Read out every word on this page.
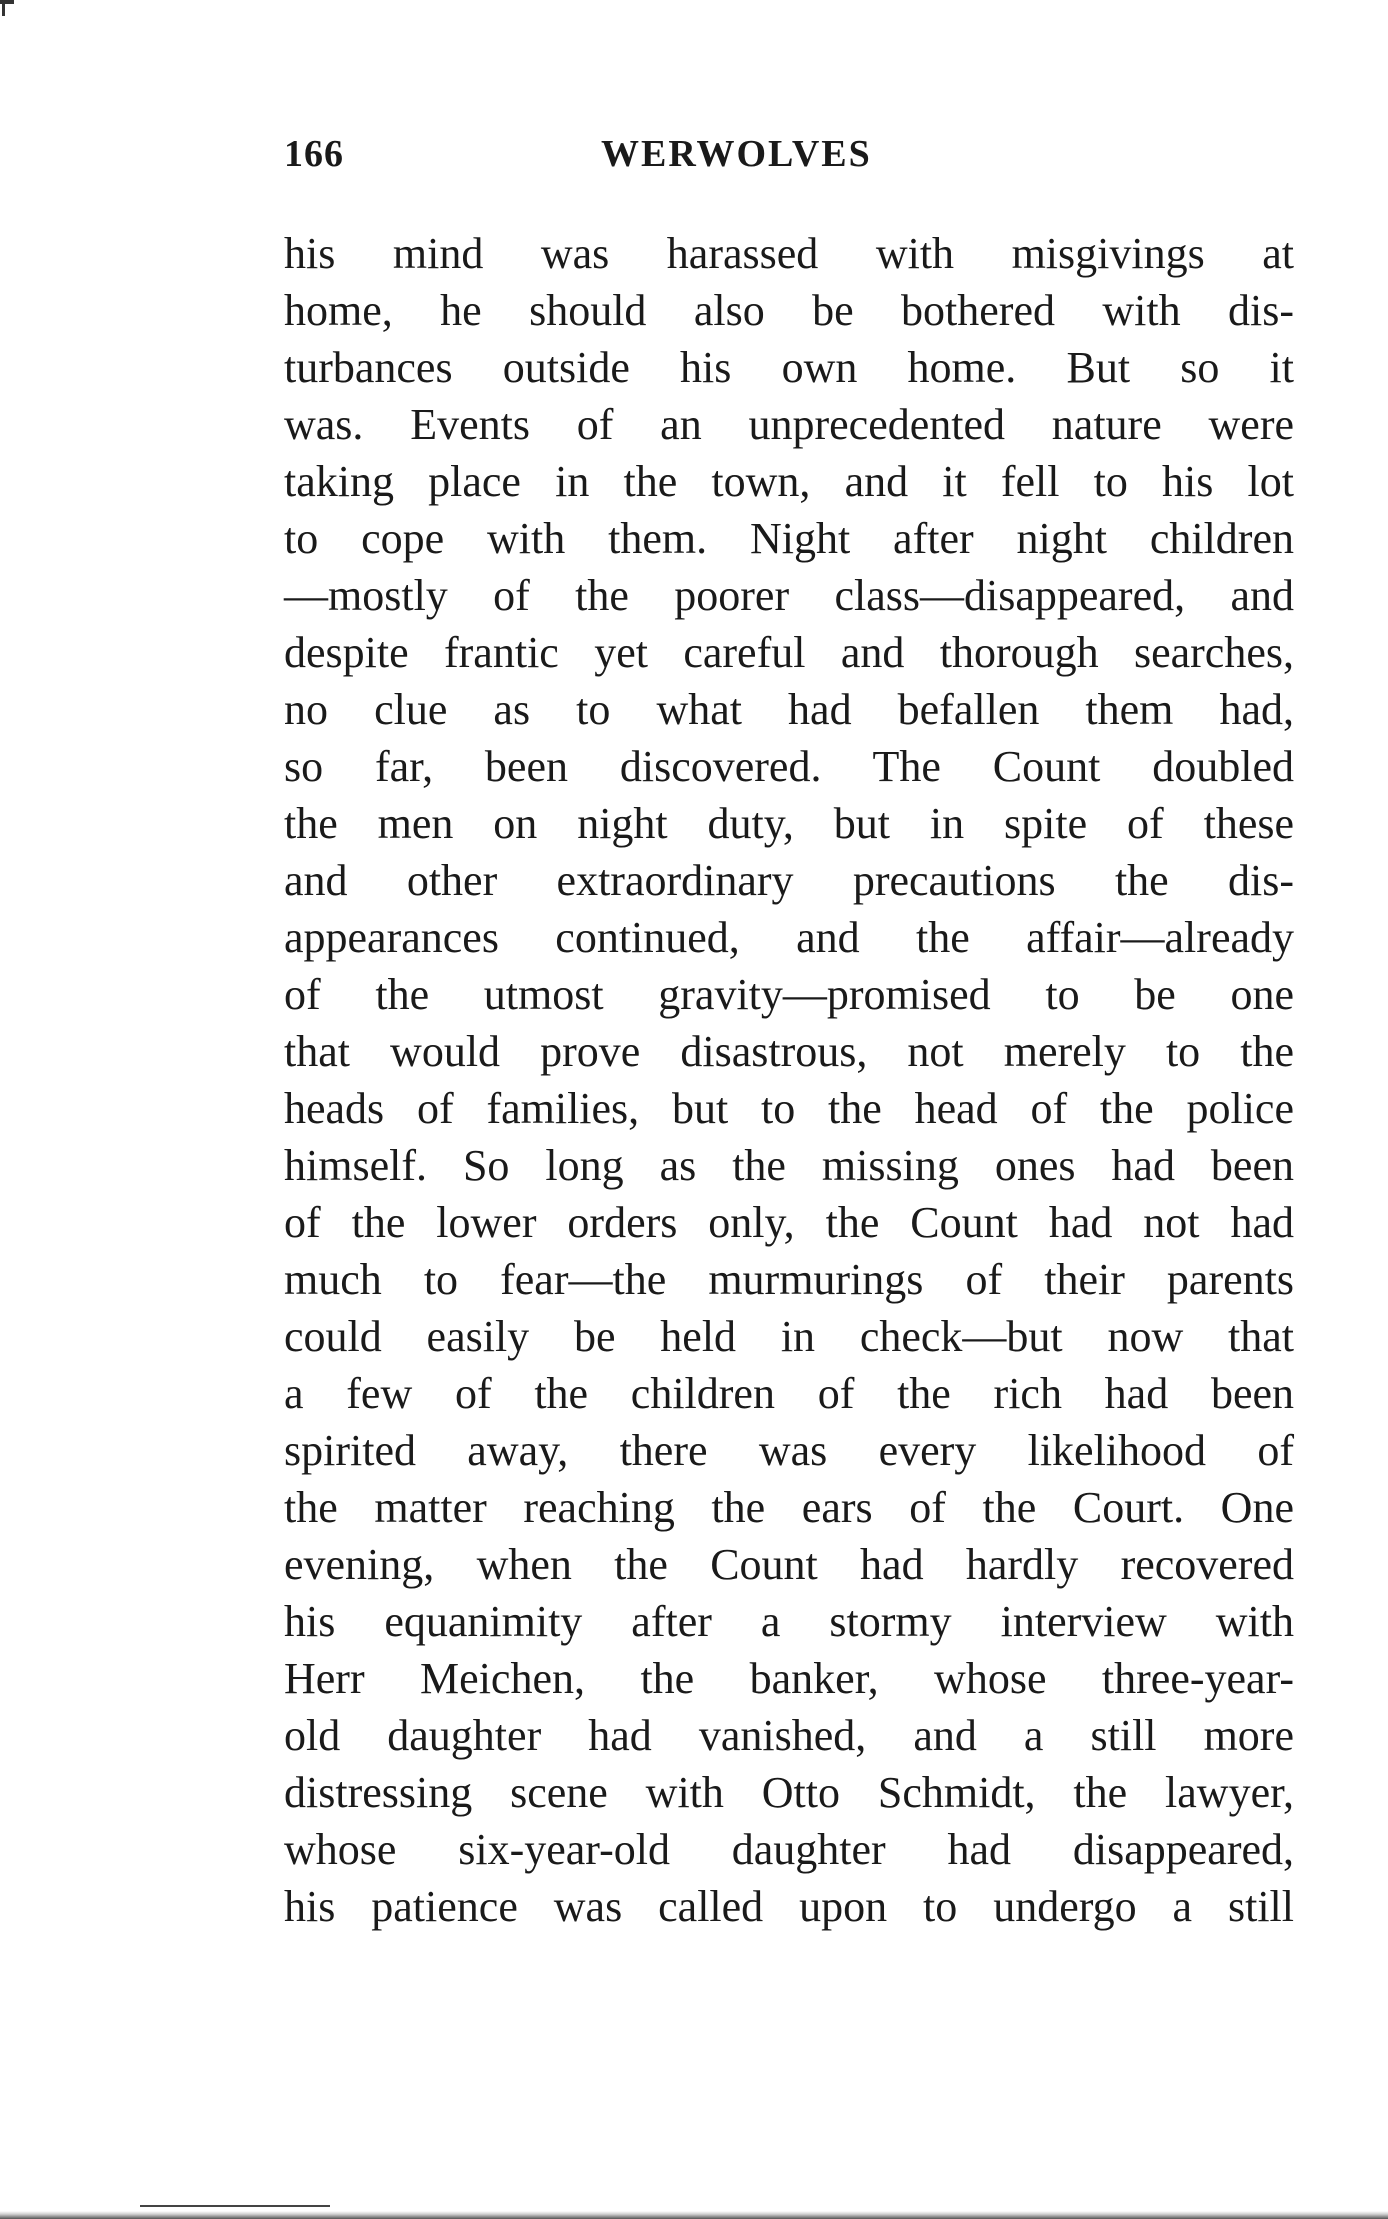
166	WERWOLVES
his mind was harassed with misgivings at
home, he should also be bothered with dis-
turbances outside his own home. But so it
was. Events of an unprecedented nature were
taking place in the town, and it fell to his lot
to cope with them. Night after night children
—mostly of the poorer class—disappeared, and
despite frantic yet careful and thorough searches,
no clue as to what had befallen them had,
so far, been discovered. The Count doubled
the men on night duty, but in spite of these
and other extraordinary precautions the dis-
appearances continued, and the affair—already
of the utmost gravity—promised to be one
that would prove disastrous, not merely to the
heads of families, but to the head of the police
himself. So long as the missing ones had been
of the lower orders only, the Count had not had
much to fear—the murmurings of their parents
could easily be held in check—but now that
a few of the children of the rich had been
spirited away, there was every likelihood of
the matter reaching the ears of the Court. One
evening, when the Count had hardly recovered
his equanimity after a stormy interview with
Herr Meichen, the banker, whose three-year-
old daughter had vanished, and a still more
distressing scene with Otto Schmidt, the lawyer,
whose six-year-old daughter had disappeared,
his patience was called upon to undergo a still
